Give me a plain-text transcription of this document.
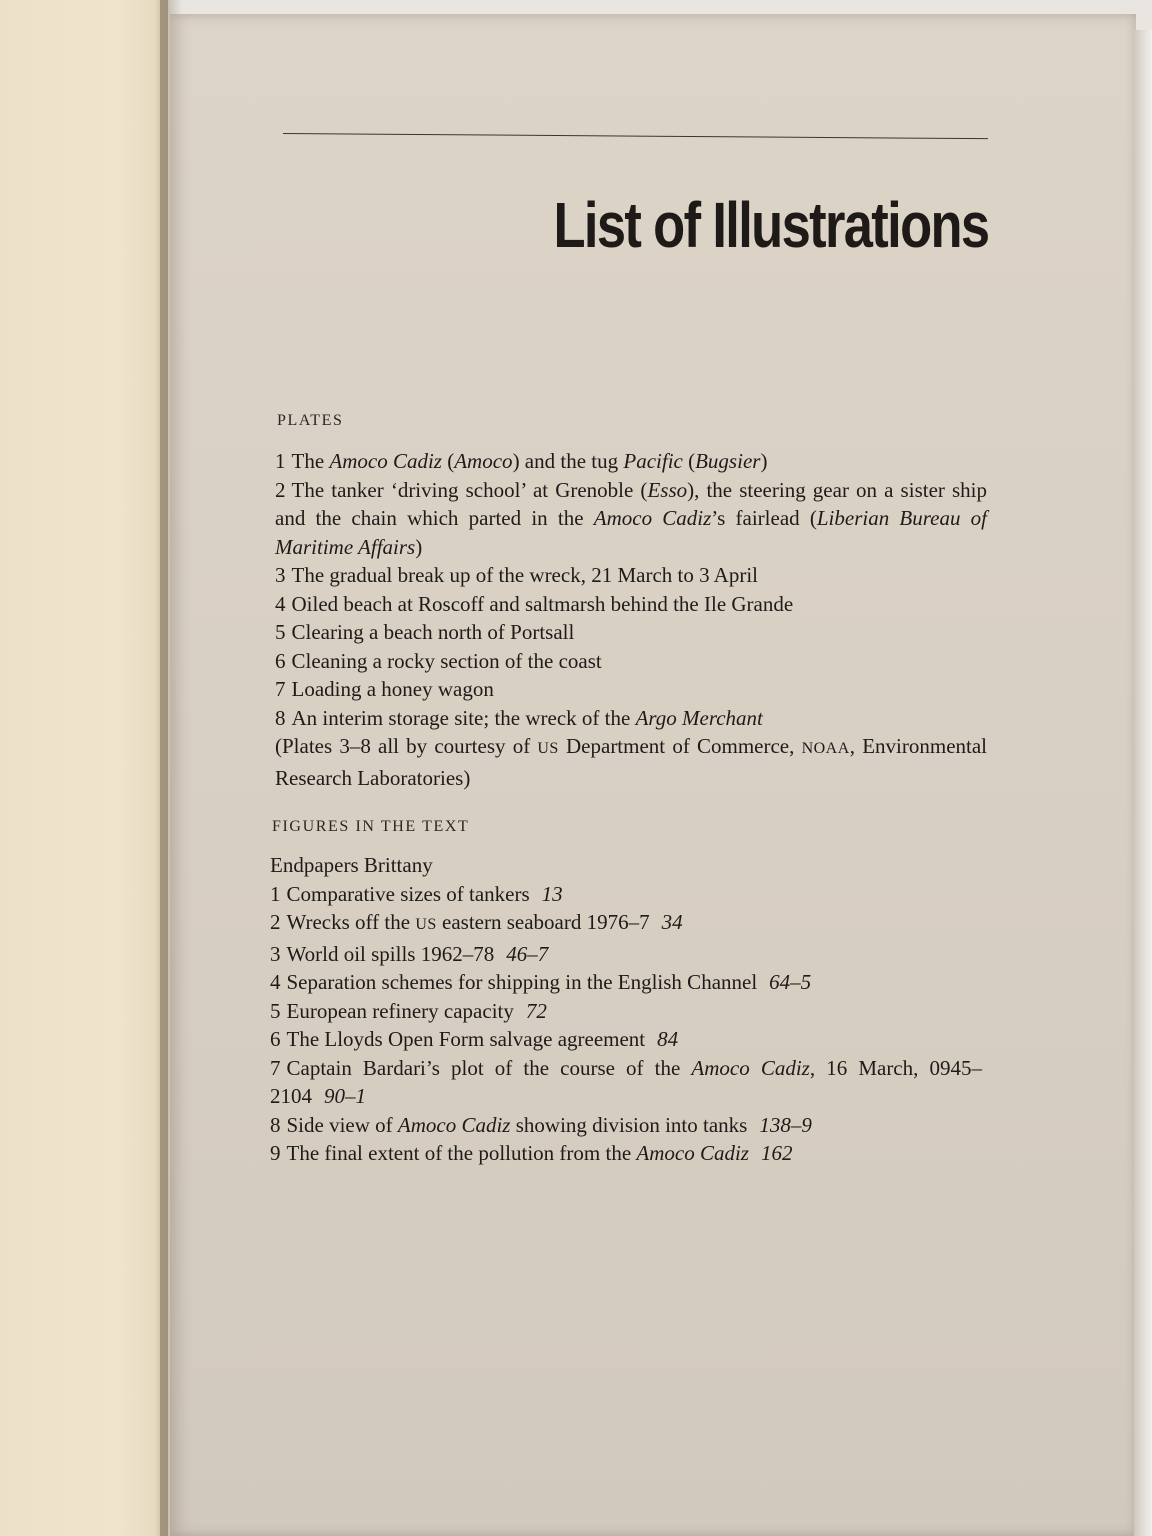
List of Illustrations
PLATES
1 The Amoco Cadiz (Amoco) and the tug Pacific (Bugsier)
2 The tanker ‘driving school’ at Grenoble (Esso), the steering gear on a sister ship and the chain which parted in the Amoco Cadiz’s fairlead (Liberian Bureau of Maritime Affairs)
3 The gradual break up of the wreck, 21 March to 3 April
4 Oiled beach at Roscoff and saltmarsh behind the Ile Grande
5 Clearing a beach north of Portsall
6 Cleaning a rocky section of the coast
7 Loading a honey wagon
8 An interim storage site; the wreck of the Argo Merchant
(Plates 3–8 all by courtesy of US Department of Commerce, NOAA, Environmental Research Laboratories)
FIGURES IN THE TEXT
Endpapers Brittany
1 Comparative sizes of tankers 13
2 Wrecks off the US eastern seaboard 1976–7 34
3 World oil spills 1962–78 46–7
4 Separation schemes for shipping in the English Channel 64–5
5 European refinery capacity 72
6 The Lloyds Open Form salvage agreement 84
7 Captain Bardari’s plot of the course of the Amoco Cadiz, 16 March, 0945–2104 90–1
8 Side view of Amoco Cadiz showing division into tanks 138–9
9 The final extent of the pollution from the Amoco Cadiz 162
